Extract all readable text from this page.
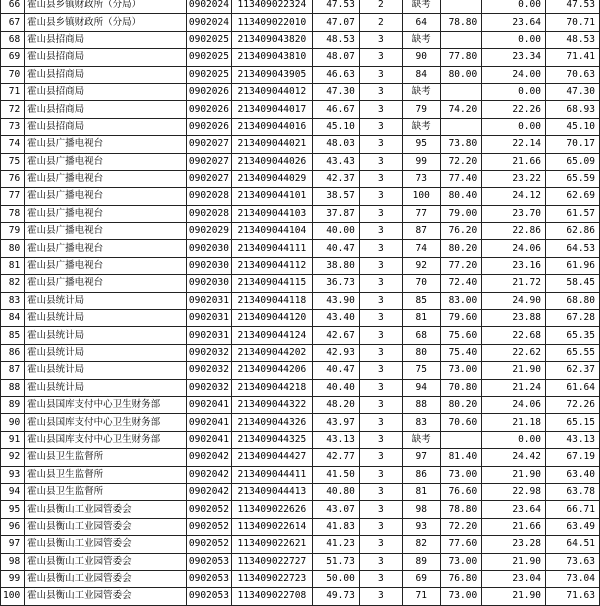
66	霍山县乡镇财政所（分局）	0902024	113409022324	47.53	2	缺考		0.00	47.53
67	霍山县乡镇财政所（分局）	0902024	113409022010	47.07	2	64	78.80	23.64	70.71
68	霍山县招商局	0902025	213409043820	48.53	3	缺考		0.00	48.53
69	霍山县招商局	0902025	213409043810	48.07	3	90	77.80	23.34	71.41
70	霍山县招商局	0902025	213409043905	46.63	3	84	80.00	24.00	70.63
71	霍山县招商局	0902026	213409044012	47.30	3	缺考		0.00	47.30
72	霍山县招商局	0902026	213409044017	46.67	3	79	74.20	22.26	68.93
73	霍山县招商局	0902026	213409044016	45.10	3	缺考		0.00	45.10
74	霍山县广播电视台	0902027	213409044021	48.03	3	95	73.80	22.14	70.17
75	霍山县广播电视台	0902027	213409044026	43.43	3	99	72.20	21.66	65.09
76	霍山县广播电视台	0902027	213409044029	42.37	3	73	77.40	23.22	65.59
77	霍山县广播电视台	0902028	213409044101	38.57	3	100	80.40	24.12	62.69
78	霍山县广播电视台	0902028	213409044103	37.87	3	77	79.00	23.70	61.57
79	霍山县广播电视台	0902029	213409044104	40.00	3	87	76.20	22.86	62.86
80	霍山县广播电视台	0902030	213409044111	40.47	3	74	80.20	24.06	64.53
81	霍山县广播电视台	0902030	213409044112	38.80	3	92	77.20	23.16	61.96
82	霍山县广播电视台	0902030	213409044115	36.73	3	70	72.40	21.72	58.45
83	霍山县统计局	0902031	213409044118	43.90	3	85	83.00	24.90	68.80
84	霍山县统计局	0902031	213409044120	43.40	3	81	79.60	23.88	67.28
85	霍山县统计局	0902031	213409044124	42.67	3	68	75.60	22.68	65.35
86	霍山县统计局	0902032	213409044202	42.93	3	80	75.40	22.62	65.55
87	霍山县统计局	0902032	213409044206	40.47	3	75	73.00	21.90	62.37
88	霍山县统计局	0902032	213409044218	40.40	3	94	70.80	21.24	61.64
89	霍山县国库支付中心卫生财务部	0902041	213409044322	48.20	3	88	80.20	24.06	72.26
90	霍山县国库支付中心卫生财务部	0902041	213409044326	43.97	3	83	70.60	21.18	65.15
91	霍山县国库支付中心卫生财务部	0902041	213409044325	43.13	3	缺考		0.00	43.13
92	霍山县卫生监督所	0902042	213409044427	42.77	3	97	81.40	24.42	67.19
93	霍山县卫生监督所	0902042	213409044411	41.50	3	86	73.00	21.90	63.40
94	霍山县卫生监督所	0902042	213409044413	40.80	3	81	76.60	22.98	63.78
95	霍山县衡山工业园管委会	0902052	113409022626	43.07	3	98	78.80	23.64	66.71
96	霍山县衡山工业园管委会	0902052	113409022614	41.83	3	93	72.20	21.66	63.49
97	霍山县衡山工业园管委会	0902052	113409022621	41.23	3	82	77.60	23.28	64.51
98	霍山县衡山工业园管委会	0902053	113409022727	51.73	3	89	73.00	21.90	73.63
99	霍山县衡山工业园管委会	0902053	113409022723	50.00	3	69	76.80	23.04	73.04
100	霍山县衡山工业园管委会	0902053	113409022708	49.73	3	71	73.00	21.90	71.63
